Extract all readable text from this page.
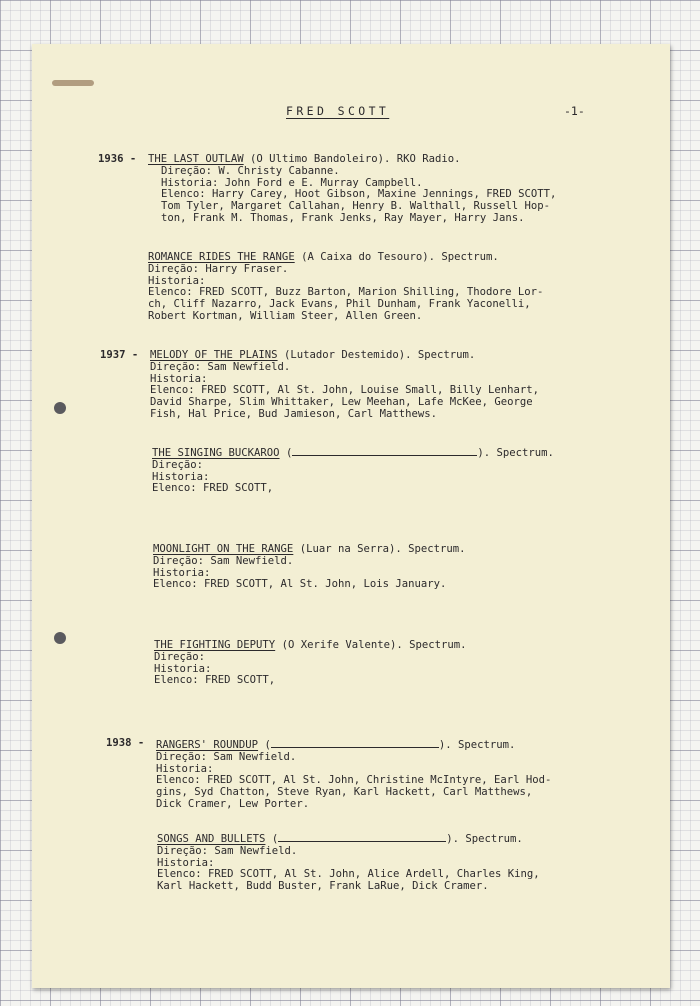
FRED SCOTT	-1-
1936 - THE LAST OUTLAW (O Ultimo Bandoleiro). RKO Radio.
Direção: W. Christy Cabanne.
Historia: John Ford e E. Murray Campbell.
Elenco: Harry Carey, Hoot Gibson, Maxine Jennings, FRED SCOTT,
Tom Tyler, Margaret Callahan, Henry B. Walthall, Russell Hop-
ton, Frank M. Thomas, Frank Jenks, Ray Mayer, Harry Jans.
ROMANCE RIDES THE RANGE (A Caixa do Tesouro). Spectrum.
Direção: Harry Fraser.
Historia:
Elenco: FRED SCOTT, Buzz Barton, Marion Shilling, Thodore Lor-
ch, Cliff Nazarro, Jack Evans, Phil Dunham, Frank Yaconelli,
Robert Kortman, William Steer, Allen Green.
1937 - MELODY OF THE PLAINS (Lutador Destemido). Spectrum.
Direção: Sam Newfield.
Historia:
Elenco: FRED SCOTT, Al St. John, Louise Small, Billy Lenhart,
David Sharpe, Slim Whittaker, Lew Meehan, Lafe McKee, George
Fish, Hal Price, Bud Jamieson, Carl Matthews.
THE SINGING BUCKAROO (	). Spectrum.
Direção:
Historia:
Elenco: FRED SCOTT,
MOONLIGHT ON THE RANGE (Luar na Serra). Spectrum.
Direção: Sam Newfield.
Historia:
Elenco: FRED SCOTT, Al St. John, Lois January.
THE FIGHTING DEPUTY (O Xerife Valente). Spectrum.
Direção:
Historia:
Elenco: FRED SCOTT,
1938 - RANGERS' ROUNDUP (	). Spectrum.
Direção: Sam Newfield.
Historia:
Elenco: FRED SCOTT, Al St. John, Christine McIntyre, Earl Hod-
gins, Syd Chatton, Steve Ryan, Karl Hackett, Carl Matthews,
Dick Cramer, Lew Porter.
SONGS AND BULLETS (	). Spectrum.
Direção: Sam Newfield.
Historia:
Elenco: FRED SCOTT, Al St. John, Alice Ardell, Charles King,
Karl Hackett, Budd Buster, Frank LaRue, Dick Cramer.
